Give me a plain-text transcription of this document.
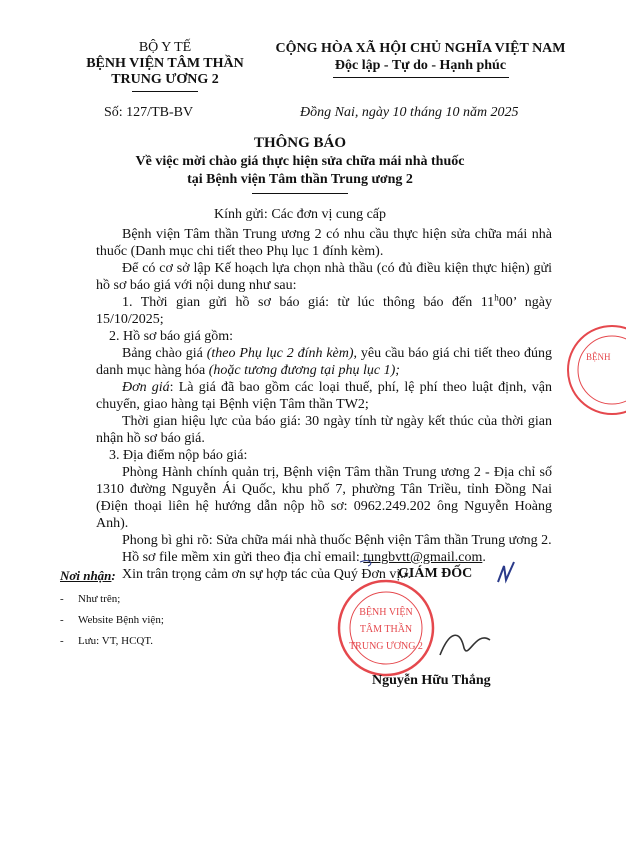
BỘ Y TẾ
BỆNH VIỆN TÂM THẦN
TRUNG ƯƠNG 2
CỘNG HÒA XÃ HỘI CHỦ NGHĨA VIỆT NAM
Độc lập - Tự do - Hạnh phúc
Số: 127/TB-BV	Đồng Nai, ngày 10 tháng 10 năm 2025
THÔNG BÁO
Về việc mời chào giá thực hiện sửa chữa mái nhà thuốc
tại Bệnh viện Tâm thần Trung ương 2
Kính gửi: Các đơn vị cung cấp

Bệnh viện Tâm thần Trung ương 2 có nhu cầu thực hiện sửa chữa mái nhà thuốc (Danh mục chi tiết theo Phụ lục 1 đính kèm).

Để có cơ sở lập Kế hoạch lựa chọn nhà thầu (có đủ điều kiện thực hiện) gửi hồ sơ báo giá với nội dung như sau:

1. Thời gian gửi hồ sơ báo giá: từ lúc thông báo đến 11$^h$00’ ngày 15/10/2025;

2. Hồ sơ báo giá gồm:

Bảng chào giá (theo Phụ lục 2 đính kèm), yêu cầu báo giá chi tiết theo đúng danh mục hàng hóa (hoặc tương đương tại phụ lục 1);

Đơn giá: Là giá đã bao gồm các loại thuế, phí, lệ phí theo luật định, vận chuyển, giao hàng tại Bệnh viện Tâm thần TW2;

Thời gian hiệu lực của báo giá: 30 ngày tính từ ngày kết thúc của thời gian nhận hồ sơ báo giá.

3. Địa điểm nộp báo giá:

Phòng Hành chính quản trị, Bệnh viện Tâm thần Trung ương 2 - Địa chỉ số 1310 đường Nguyễn Ái Quốc, khu phố 7, phường Tân Triều, tỉnh Đồng Nai (Điện thoại liên hệ hướng dẫn nộp hồ sơ: 0962.249.202 ông Nguyễn Hoàng Anh).

Phong bì ghi rõ: Sửa chữa mái nhà thuốc Bệnh viện Tâm thần Trung ương 2.

Hồ sơ file mềm xin gửi theo địa chỉ email: tungbvtt@gmail.com.

Xin trân trọng cảm ơn sự hợp tác của Quý Đơn vị./.

Nơi nhận:
- Như trên;
- Website Bệnh viện;
- Lưu: VT, HCQT.
BỆNH VIỆN
TÂM THẦN
TRUNG ƯƠNG 2
BỆNH
GIÁM ĐỐC
Nguyễn Hữu Thắng
